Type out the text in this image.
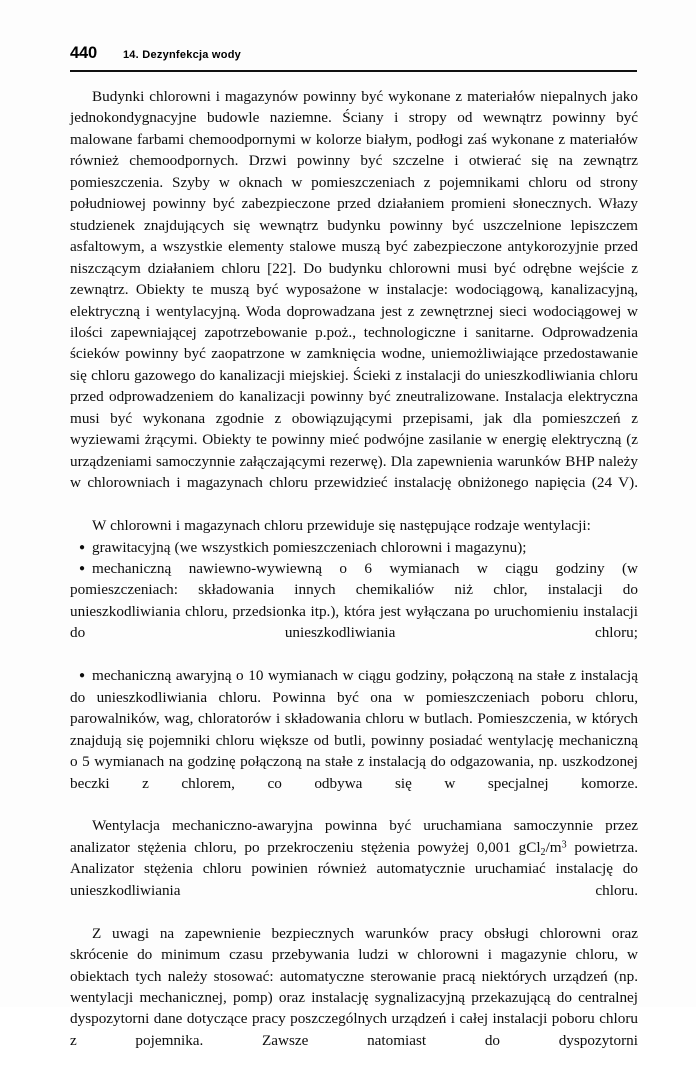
440 14. Dezynfekcja wody

Budynki chlorowni i magazynów powinny być wykonane z materiałów niepalnych jako jednokondygnacyjne budowle naziemne. Ściany i stropy od wewnątrz powinny być malowane farbami chemoodpornymi w kolorze białym, podłogi zaś wykonane z materiałów również chemoodpornych. Drzwi powinny być szczelne i otwierać się na zewnątrz pomieszczenia. Szyby w oknach w pomieszczeniach z pojemnikami chloru od strony południowej powinny być zabezpieczone przed działaniem promieni słonecznych. Włazy studzienek znajdujących się wewnątrz budynku powinny być uszczelnione lepiszczem asfaltowym, a wszystkie elementy stalowe muszą być zabezpieczone antykorozyjnie przed niszczącym działaniem chloru [22]. Do budynku chlorowni musi być odrębne wejście z zewnątrz. Obiekty te muszą być wyposażone w instalacje: wodociągową, kanalizacyjną, elektryczną i wentylacyjną. Woda doprowadzana jest z zewnętrznej sieci wodociągowej w ilości zapewniającej zapotrzebowanie p.poż., technologiczne i sanitarne. Odprowadzenia ścieków powinny być zaopatrzone w zamknięcia wodne, uniemożliwiające przedostawanie się chloru gazowego do kanalizacji miejskiej. Ścieki z instalacji do unieszkodliwiania chloru przed odprowadzeniem do kanalizacji powinny być zneutralizowane. Instalacja elektryczna musi być wykonana zgodnie z obowiązującymi przepisami, jak dla pomieszczeń z wyziewami żrącymi. Obiekty te powinny mieć podwójne zasilanie w energię elektryczną (z urządzeniami samoczynnie załączającymi rezerwę). Dla zapewnienia warunków BHP należy w chlorowniach i magazynach chloru przewidzieć instalację obniżonego napięcia (24 V).

W chlorowni i magazynach chloru przewiduje się następujące rodzaje wentylacji:

●grawitacyjną (we wszystkich pomieszczeniach chlorowni i magazynu);

●mechaniczną nawiewno-wywiewną o 6 wymianach w ciągu godziny (w pomieszczeniach: składowania innych chemikaliów niż chlor, instalacji do unieszkodliwiania chloru, przedsionka itp.), która jest wyłączana po uruchomieniu instalacji do unieszkodliwiania chloru;

●mechaniczną awaryjną o 10 wymianach w ciągu godziny, połączoną na stałe z instalacją do unieszkodliwiania chloru. Powinna być ona w pomieszczeniach poboru chloru, parowalników, wag, chloratorów i składowania chloru w butlach. Pomieszczenia, w których znajdują się pojemniki chloru większe od butli, powinny posiadać wentylację mechaniczną o 5 wymianach na godzinę połączoną na stałe z instalacją do odgazowania, np. uszkodzonej beczki z chlorem, co odbywa się w specjalnej komorze.

Wentylacja mechaniczno-awaryjna powinna być uruchamiana samoczynnie przez analizator stężenia chloru, po przekroczeniu stężenia powyżej 0,001 $gCl_2/m^3$ powietrza. Analizator stężenia chloru powinien również automatycznie uruchamiać instalację do unieszkodliwiania chloru.

Z uwagi na zapewnienie bezpiecznych warunków pracy obsługi chlorowni oraz skrócenie do minimum czasu przebywania ludzi w chlorowni i magazynie chloru, w obiektach tych należy stosować: automatyczne sterowanie pracą niektórych urządzeń (np. wentylacji mechanicznej, pomp) oraz instalację sygnalizacyjną przekazującą do centralnej dyspozytorni dane dotyczące pracy poszczególnych urządzeń i całej instalacji poboru chloru z pojemnika. Zawsze natomiast do dyspozytorni
